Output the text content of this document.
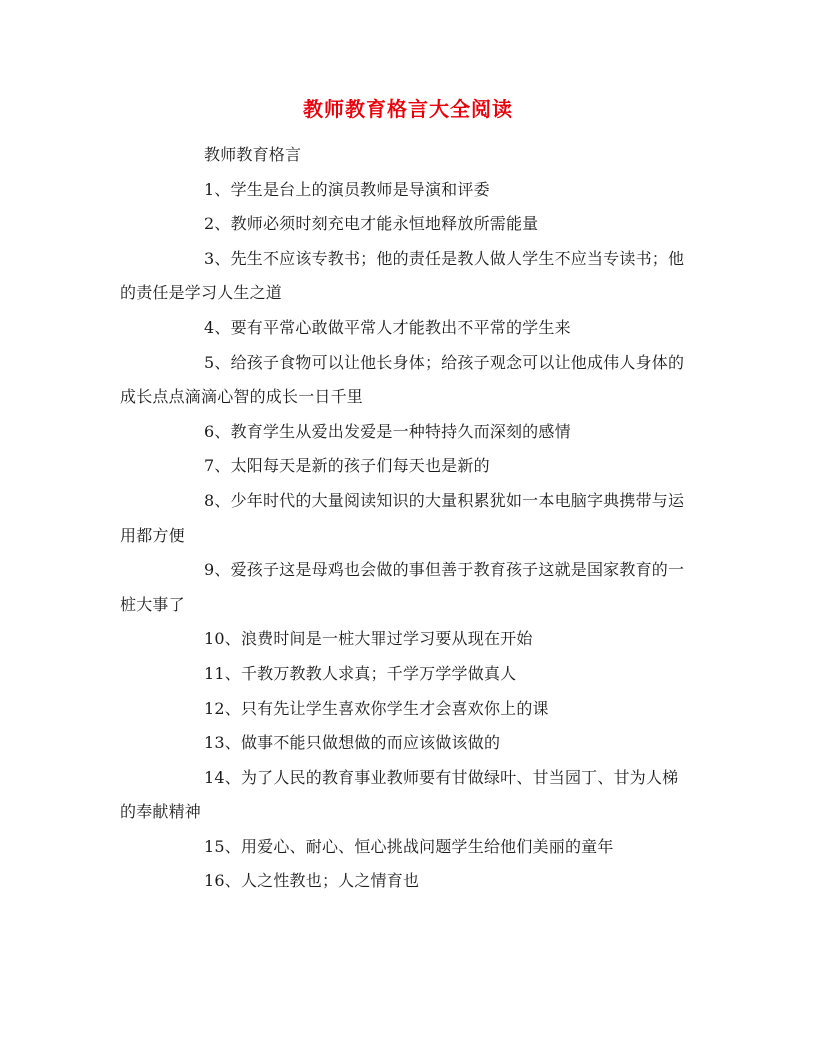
教师教育格言大全阅读

教师教育格言

1、学生是台上的演员教师是导演和评委

2、教师必须时刻充电才能永恒地释放所需能量

3、先生不应该专教书；他的责任是教人做人学生不应当专读书；他的责任是学习人生之道

4、要有平常心敢做平常人才能教出不平常的学生来

5、给孩子食物可以让他长身体；给孩子观念可以让他成伟人身体的成长点点滴滴心智的成长一日千里

6、教育学生从爱出发爱是一种特持久而深刻的感情

7、太阳每天是新的孩子们每天也是新的

8、少年时代的大量阅读知识的大量积累犹如一本电脑字典携带与运用都方便

9、爱孩子这是母鸡也会做的事但善于教育孩子这就是国家教育的一桩大事了

10、浪费时间是一桩大罪过学习要从现在开始

11、千教万教教人求真；千学万学学做真人

12、只有先让学生喜欢你学生才会喜欢你上的课

13、做事不能只做想做的而应该做该做的

14、为了人民的教育事业教师要有甘做绿叶、甘当园丁、甘为人梯的奉献精神

15、用爱心、耐心、恒心挑战问题学生给他们美丽的童年

16、人之性教也；人之情育也
